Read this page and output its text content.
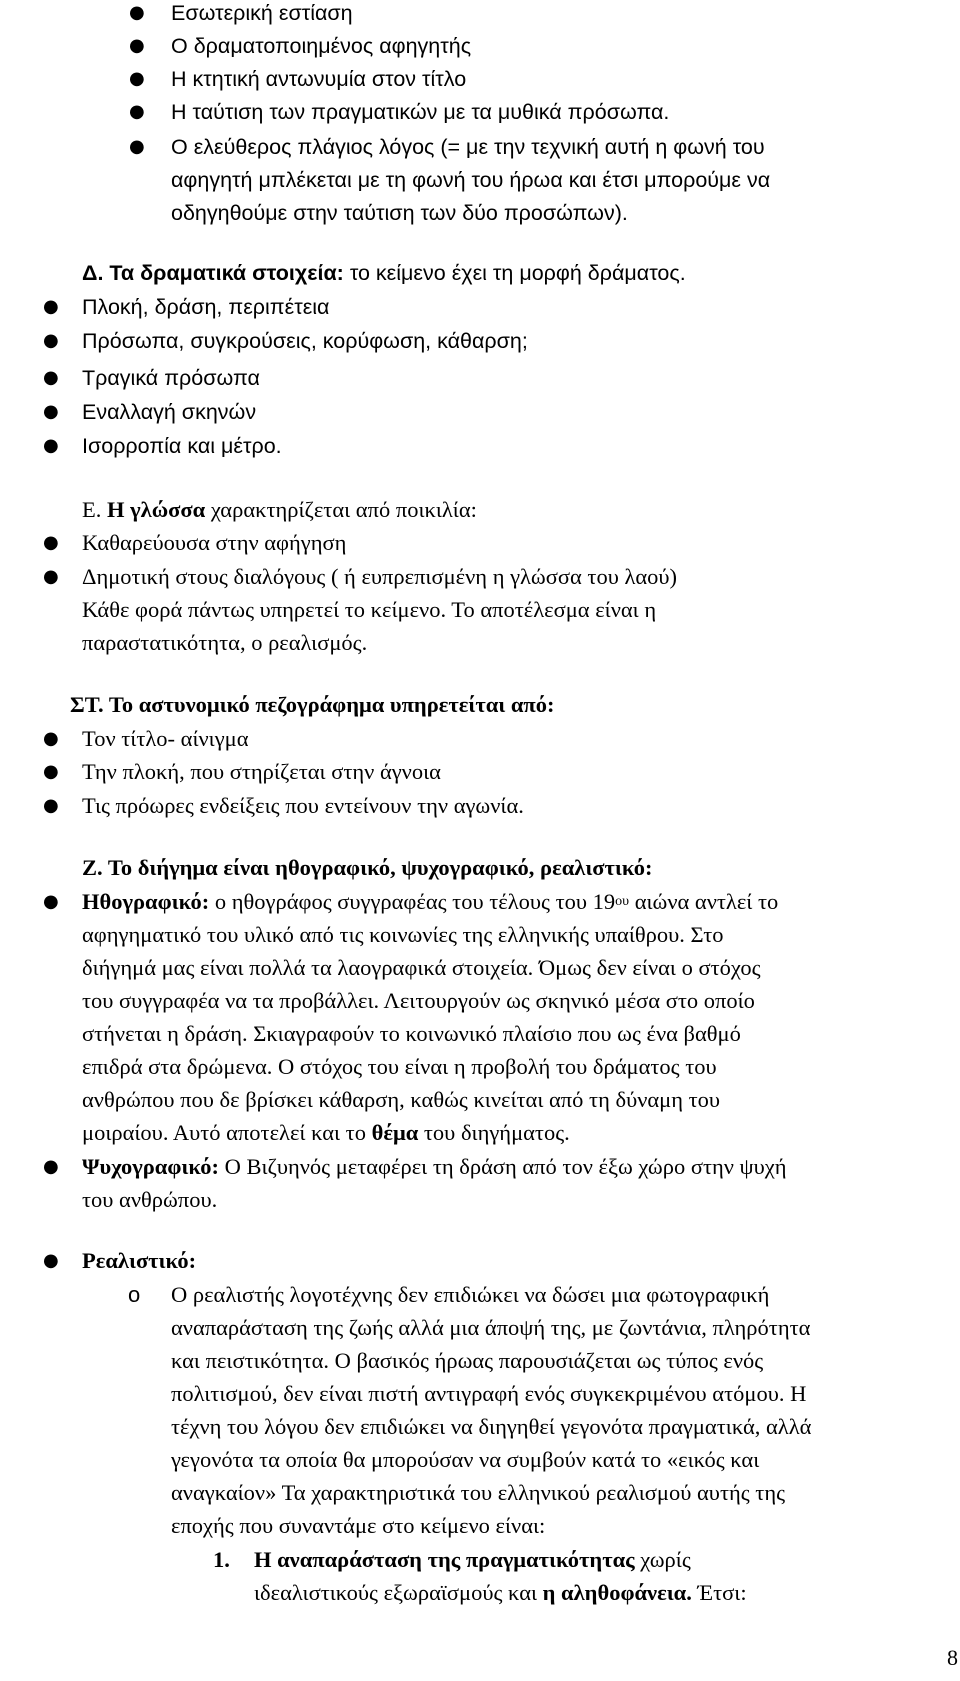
● Εσωτερική εστίαση
● Ο δραματοποιημένος αφηγητής
● Η κτητική αντωνυμία στον τίτλο
● Η ταύτιση των πραγματικών με τα μυθικά πρόσωπα.
● Ο ελεύθερος πλάγιος λόγος (= με την τεχνική αυτή η φωνή του
αφηγητή μπλέκεται με τη φωνή του ήρωα και έτσι μπορούμε να
οδηγηθούμε στην ταύτιση των δύο προσώπων).
Δ. Τα δραματικά στοιχεία: το κείμενο έχει τη μορφή δράματος.
● Πλοκή, δράση, περιπέτεια
● Πρόσωπα, συγκρούσεις, κορύφωση, κάθαρση;
● Τραγικά πρόσωπα
● Εναλλαγή σκηνών
● Ισορροπία και μέτρο.
Ε. Η γλώσσα χαρακτηρίζεται από ποικιλία:
● Καθαρεύουσα στην αφήγηση
● Δημοτική στους διαλόγους ( ή ευπρεπισμένη η γλώσσα του λαού)
Κάθε φορά πάντως υπηρετεί το κείμενο. Το αποτέλεσμα είναι η
παραστατικότητα, ο ρεαλισμός.
ΣΤ. Το αστυνομικό πεζογράφημα υπηρετείται από:
● Τον τίτλο- αίνιγμα
● Την πλοκή, που στηρίζεται στην άγνοια
● Τις πρόωρες ενδείξεις που εντείνουν την αγωνία.
Ζ. Το διήγημα είναι ηθογραφικό, ψυχογραφικό, ρεαλιστικό:
● Ηθογραφικό: ο ηθογράφος συγγραφέας του τέλους του $19^{o\upsilon}$ αιώνα αντλεί το
αφηγηματικό του υλικό από τις κοινωνίες της ελληνικής υπαίθρου. Στο
διήγημά μας είναι πολλά τα λαογραφικά στοιχεία. Όμως δεν είναι ο στόχος
του συγγραφέα να τα προβάλλει. Λειτουργούν ως σκηνικό μέσα στο οποίο
στήνεται η δράση. Σκιαγραφούν το κοινωνικό πλαίσιο που ως ένα βαθμό
επιδρά στα δρώμενα. Ο στόχος του είναι η προβολή του δράματος του
ανθρώπου που δε βρίσκει κάθαρση, καθώς κινείται από τη δύναμη του
μοιραίου. Αυτό αποτελεί και το θέμα του διηγήματος.
● Ψυχογραφικό: Ο Βιζυηνός μεταφέρει τη δράση από τον έξω χώρο στην ψυχή
του ανθρώπου.
● Ρεαλιστικό:
o Ο ρεαλιστής λογοτέχνης δεν επιδιώκει να δώσει μια φωτογραφική
αναπαράσταση της ζωής αλλά μια άποψή της, με ζωντάνια, πληρότητα
και πειστικότητα. Ο βασικός ήρωας παρουσιάζεται ως τύπος ενός
πολιτισμού, δεν είναι πιστή αντιγραφή ενός συγκεκριμένου ατόμου. Η
τέχνη του λόγου δεν επιδιώκει να διηγηθεί γεγονότα πραγματικά, αλλά
γεγονότα τα οποία θα μπορούσαν να συμβούν κατά το «εικός και
αναγκαίον» Τα χαρακτηριστικά του ελληνικού ρεαλισμού αυτής της
εποχής που συναντάμε στο κείμενο είναι:
1. Η αναπαράσταση της πραγματικότητας χωρίς
ιδεαλιστικούς εξωραϊσμούς και η αληθοφάνεια. Έτσι:
8
